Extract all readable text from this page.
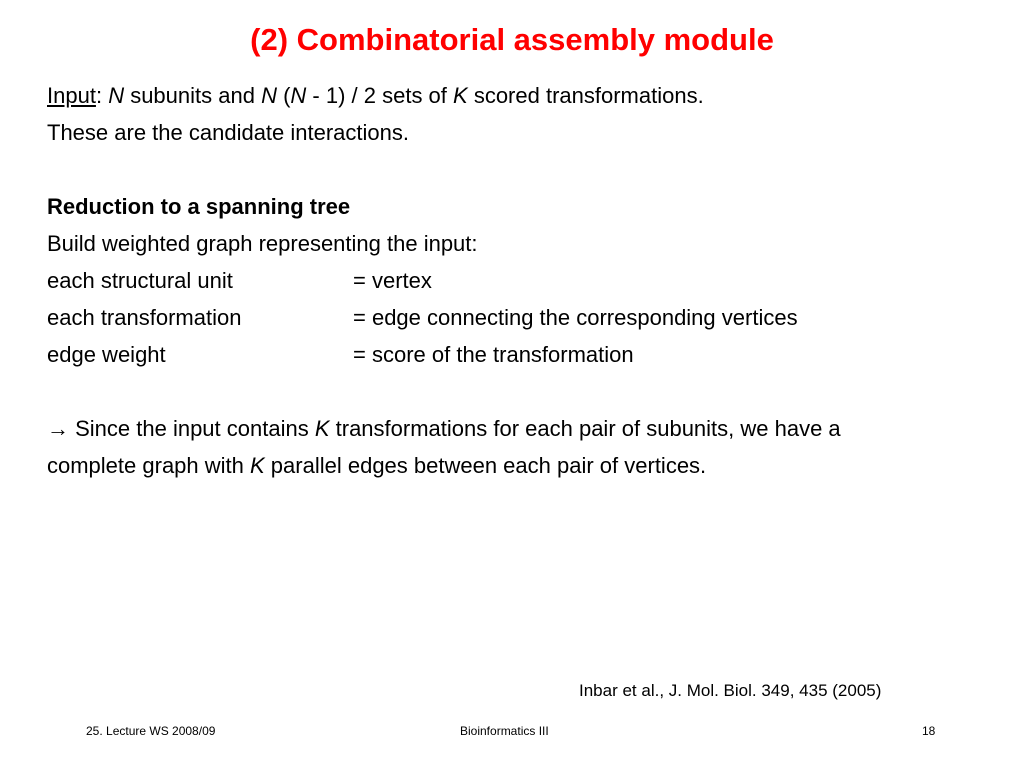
(2) Combinatorial assembly module
Input: N subunits and N (N - 1) / 2 sets of K scored transformations.
These are the candidate interactions.
Reduction to a spanning tree
Build weighted graph representing the input:
each structural unit	= vertex
each transformation	= edge connecting the corresponding vertices
edge weight	= score of the transformation
→ Since the input contains K transformations for each pair of subunits, we have a
complete graph with K parallel edges between each pair of vertices.
Inbar et al., J. Mol. Biol. 349, 435 (2005)
25. Lecture WS 2008/09	Bioinformatics III	18
